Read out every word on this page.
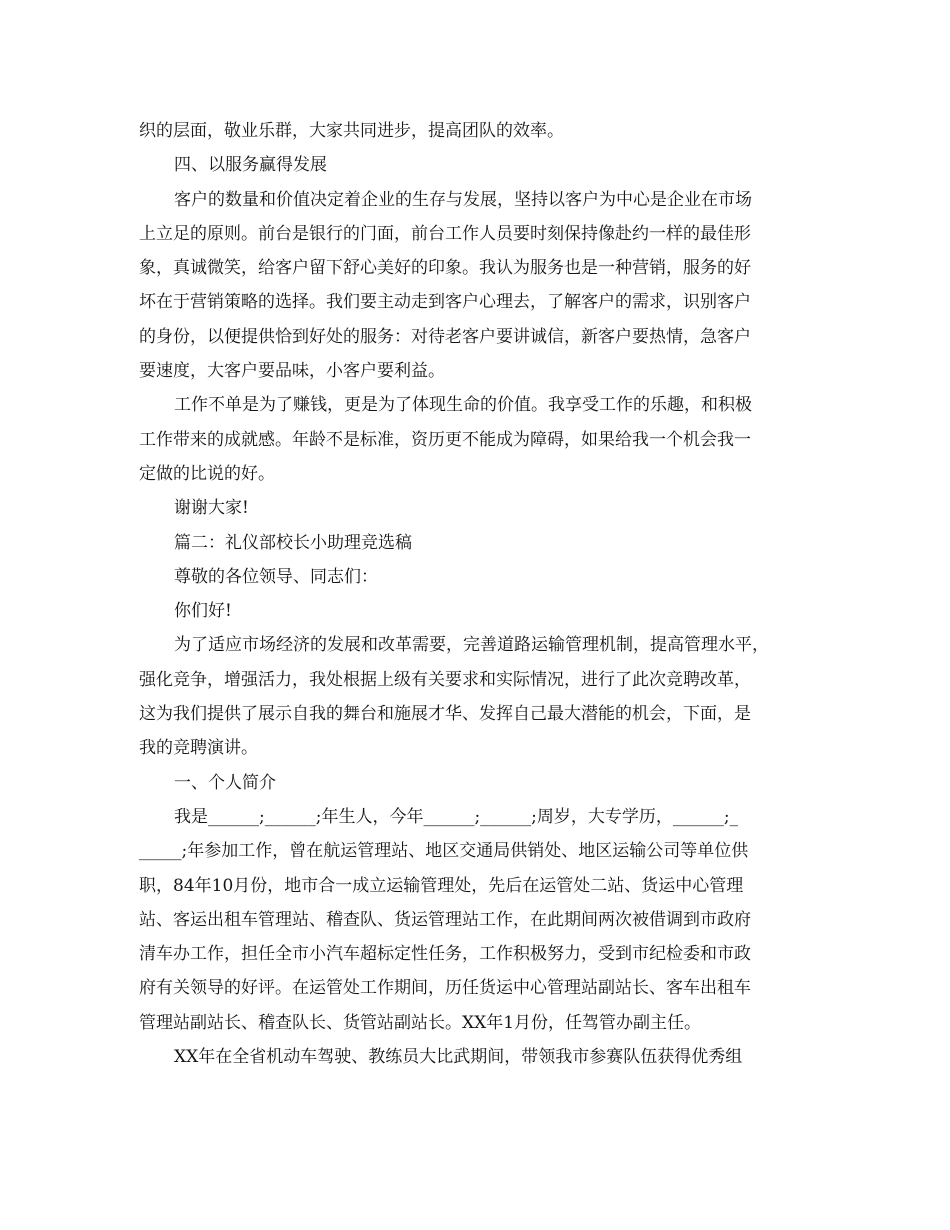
织的层面，敬业乐群，大家共同进步，提高团队的效率。
四、以服务赢得发展
客户的数量和价值决定着企业的生存与发展，坚持以客户为中心是企业在市场
上立足的原则。前台是银行的门面，前台工作人员要时刻保持像赴约一样的最佳形
象，真诚微笑，给客户留下舒心美好的印象。我认为服务也是一种营销，服务的好
坏在于营销策略的选择。我们要主动走到客户心理去，了解客户的需求，识别客户
的身份，以便提供恰到好处的服务：对待老客户要讲诚信，新客户要热情，急客户
要速度，大客户要品味，小客户要利益。
工作不单是为了赚钱，更是为了体现生命的价值。我享受工作的乐趣，和积极
工作带来的成就感。年龄不是标准，资历更不能成为障碍，如果给我一个机会我一
定做的比说的好。
谢谢大家!
篇二：礼仪部校长小助理竞选稿
尊敬的各位领导、同志们：
你们好!
为了适应市场经济的发展和改革需要，完善道路运输管理机制，提高管理水平，
强化竞争，增强活力，我处根据上级有关要求和实际情况，进行了此次竞聘改革，
这为我们提供了展示自我的舞台和施展才华、发挥自己最大潜能的机会，下面，是
我的竞聘演讲。
一、个人简介
我是______;______;年生人，今年______;______;周岁，大专学历，______;_
_____;年参加工作，曾在航运管理站、地区交通局供销处、地区运输公司等单位供
职，84年10月份，地市合一成立运输管理处，先后在运管处二站、货运中心管理
站、客运出租车管理站、稽查队、货运管理站工作，在此期间两次被借调到市政府
清车办工作，担任全市小汽车超标定性任务，工作积极努力，受到市纪检委和市政
府有关领导的好评。在运管处工作期间，历任货运中心管理站副站长、客车出租车
管理站副站长、稽查队长、货管站副站长。XX年1月份，任驾管办副主任。
XX年在全省机动车驾驶、教练员大比武期间，带领我市参赛队伍获得优秀组
